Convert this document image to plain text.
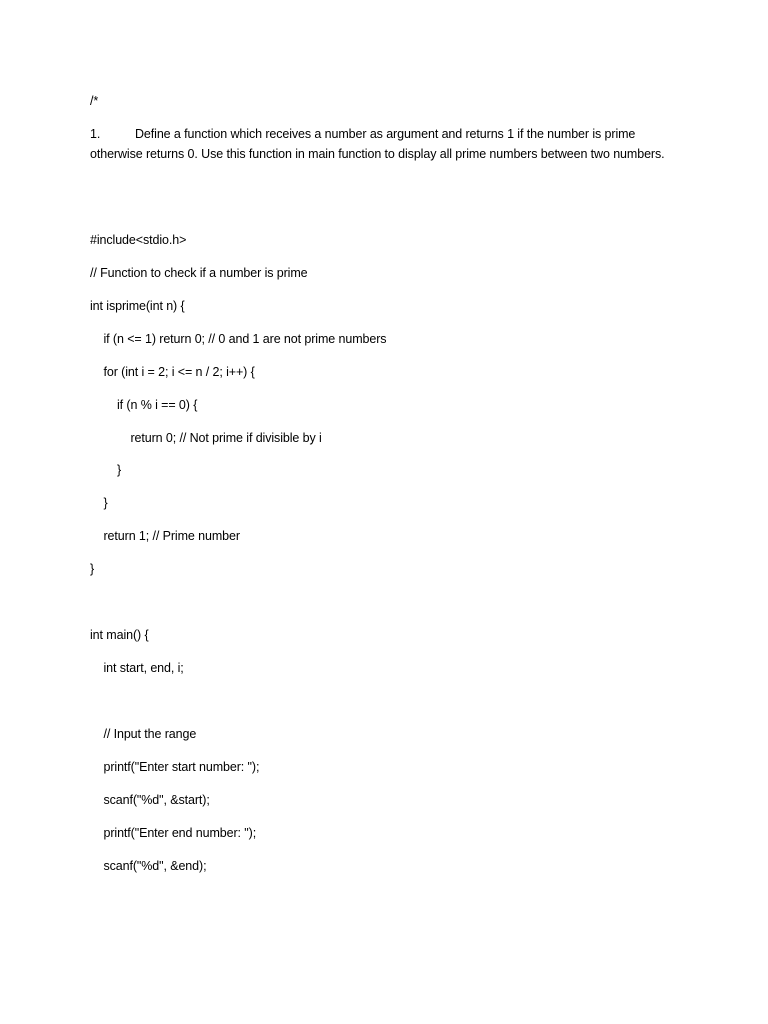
/*
1.	Define a function which receives a number as argument and returns 1 if the number is prime otherwise returns 0. Use this function in main function to display all prime numbers between two numbers.
#include<stdio.h>
// Function to check if a number is prime
int isprime(int n) {
if (n <= 1) return 0; // 0 and 1 are not prime numbers
for (int i = 2; i <= n / 2; i++) {
if (n % i == 0) {
return 0; // Not prime if divisible by i
}
}
return 1; // Prime number
}
int main() {
int start, end, i;
// Input the range
printf("Enter start number: ");
scanf("%d", &start);
printf("Enter end number: ");
scanf("%d", &end);
